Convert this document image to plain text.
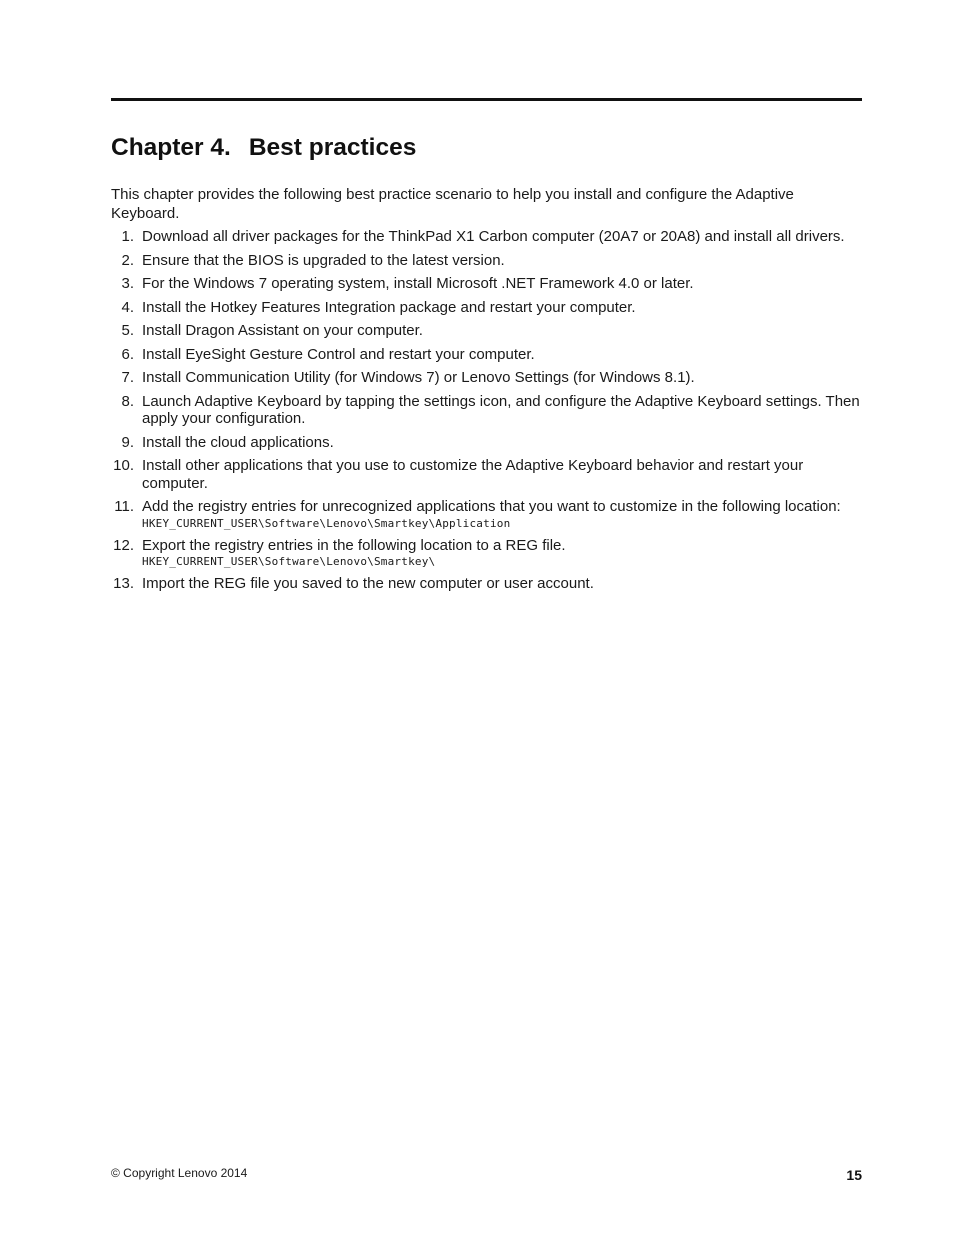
Chapter 4. Best practices

This chapter provides the following best practice scenario to help you install and configure the Adaptive Keyboard.

1. Download all driver packages for the ThinkPad X1 Carbon computer (20A7 or 20A8) and install all drivers.
2. Ensure that the BIOS is upgraded to the latest version.
3. For the Windows 7 operating system, install Microsoft .NET Framework 4.0 or later.
4. Install the Hotkey Features Integration package and restart your computer.
5. Install Dragon Assistant on your computer.
6. Install EyeSight Gesture Control and restart your computer.
7. Install Communication Utility (for Windows 7) or Lenovo Settings (for Windows 8.1).
8. Launch Adaptive Keyboard by tapping the settings icon, and configure the Adaptive Keyboard settings. Then apply your configuration.
9. Install the cloud applications.
10. Install other applications that you use to customize the Adaptive Keyboard behavior and restart your computer.
11. Add the registry entries for unrecognized applications that you want to customize in the following location:
HKEY_CURRENT_USER\Software\Lenovo\Smartkey\Application
12. Export the registry entries in the following location to a REG file.
HKEY_CURRENT_USER\Software\Lenovo\Smartkey\
13. Import the REG file you saved to the new computer or user account.
© Copyright Lenovo 2014	15
